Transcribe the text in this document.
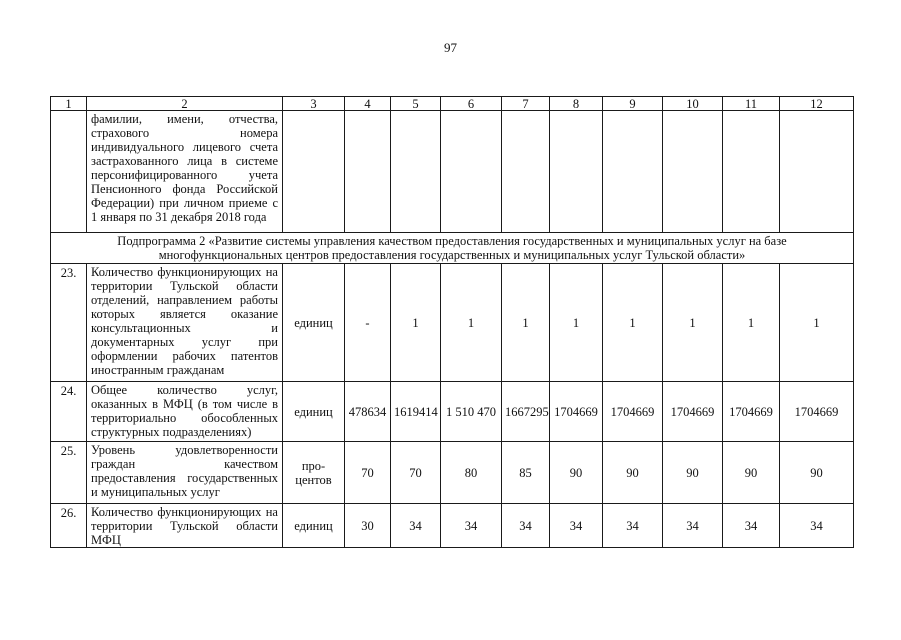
97
1	2	3	4	5	6	7	8	9	10	11	12
	фамилии, имени, отчества, страхового номера индивидуального лицевого счета застрахованного лица в системе персонифицированного учета Пенсионного фонда Российской Федерации) при личном приеме с 1 января по 31 декабря 2018 года										
Подпрограмма 2 «Развитие системы управления качеством предоставления государственных и муниципальных услуг на базе многофункциональных центров предоставления государственных и муниципальных услуг Тульской области»											
23.	Количество функционирующих на территории Тульской области отделений, направлением работы которых является оказание консультационных и документарных услуг при оформлении рабочих патентов иностранным гражданам	единиц	-	1	1	1	1	1	1	1	1
24.	Общее количество услуг, оказанных в МФЦ (в том числе в территориально обособленных структурных подразделениях)	единиц	478634	1619414	1 510 470	1667295	1704669	1704669	1704669	1704669	1704669
25.	Уровень удовлетворенности граждан качеством предоставления государственных и муниципальных услуг	про-центов	70	70	80	85	90	90	90	90	90
26.	Количество функционирующих на территории Тульской области МФЦ	единиц	30	34	34	34	34	34	34	34	34
